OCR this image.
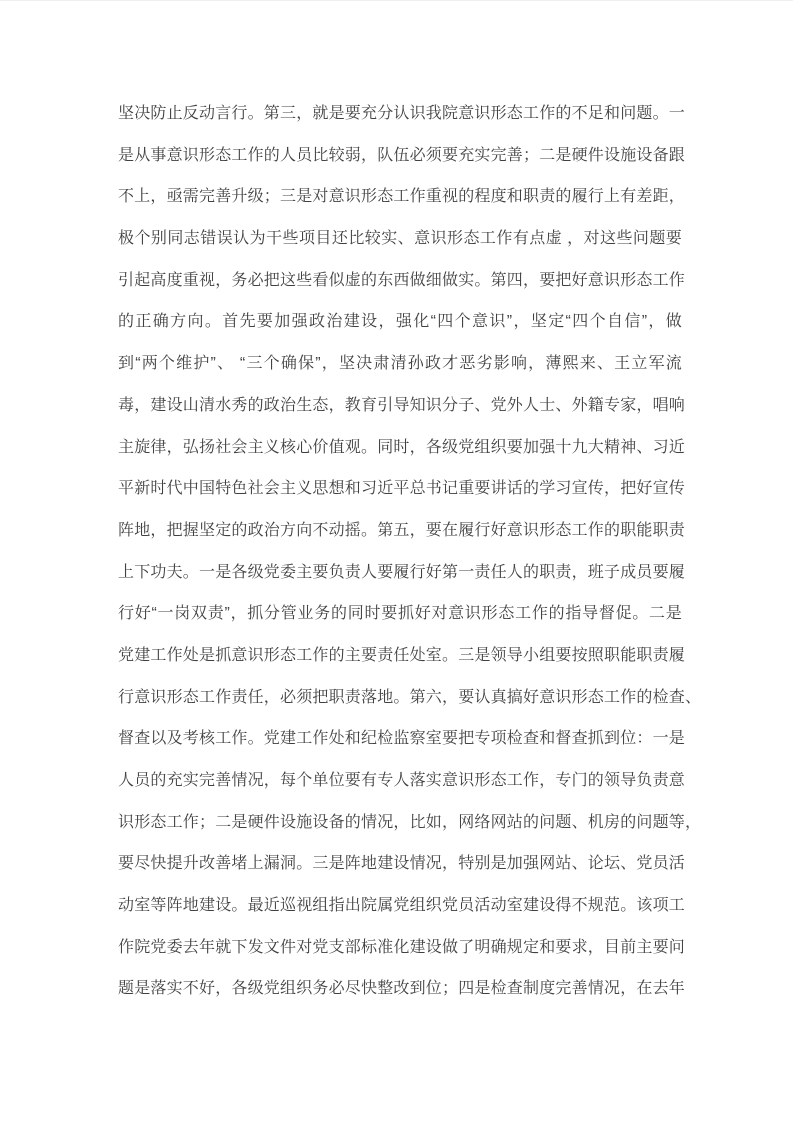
坚决防止反动言行。第三，就是要充分认识我院意识形态工作的不足和问题。一
是从事意识形态工作的人员比较弱，队伍必须要充实完善；二是硬件设施设备跟
不上，亟需完善升级；三是对意识形态工作重视的程度和职责的履行上有差距，
极个别同志错误认为干些项目还比较实、意识形态工作有点虚 ，对这些问题要
引起高度重视，务必把这些看似虚的东西做细做实。第四，要把好意识形态工作
的正确方向。首先要加强政治建设，强化“四个意识”，坚定“四个自信”，做
到“两个维护”、 “三个确保”，坚决肃清孙政才恶劣影响，薄熙来、王立军流
毒，建设山清水秀的政治生态，教育引导知识分子、党外人士、外籍专家，唱响
主旋律，弘扬社会主义核心价值观。同时，各级党组织要加强十九大精神、习近
平新时代中国特色社会主义思想和习近平总书记重要讲话的学习宣传，把好宣传
阵地，把握坚定的政治方向不动摇。第五，要在履行好意识形态工作的职能职责
上下功夫。一是各级党委主要负责人要履行好第一责任人的职责，班子成员要履
行好“一岗双责”，抓分管业务的同时要抓好对意识形态工作的指导督促。二是
党建工作处是抓意识形态工作的主要责任处室。三是领导小组要按照职能职责履
行意识形态工作责任，必须把职责落地。第六，要认真搞好意识形态工作的检查、
督查以及考核工作。党建工作处和纪检监察室要把专项检查和督查抓到位：一是
人员的充实完善情况，每个单位要有专人落实意识形态工作，专门的领导负责意
识形态工作；二是硬件设施设备的情况，比如，网络网站的问题、机房的问题等，
要尽快提升改善堵上漏洞。三是阵地建设情况，特别是加强网站、论坛、党员活
动室等阵地建设。最近巡视组指出院属党组织党员活动室建设得不规范。该项工
作院党委去年就下发文件对党支部标准化建设做了明确规定和要求，目前主要问
题是落实不好，各级党组织务必尽快整改到位；四是检查制度完善情况，在去年
